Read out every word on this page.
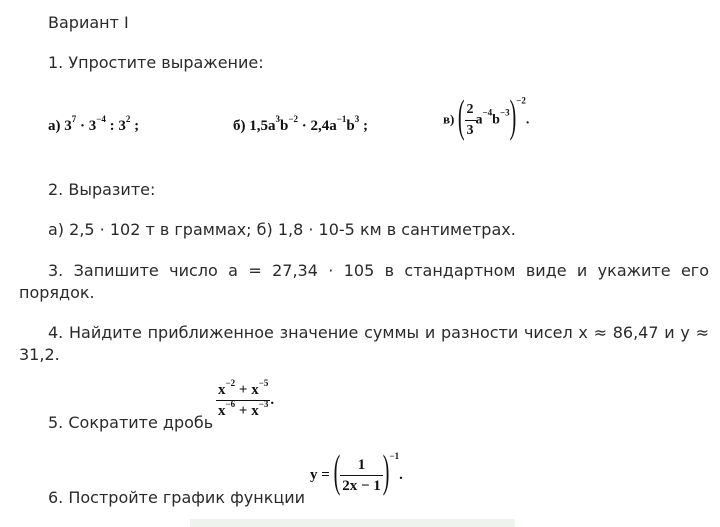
Вариант I
1. Упростите выражение:
а) $3^7 \cdot 3^{-4}$ : $3^2$ ;	б) $1,5a^3b^{-2} \cdot 2,4a^{-1}b^3$ ;	в) ( $\frac{2}{3} a^{-4}b^{-3})^{-2}$.
2. Выразите:
а) 2,5 · 102 т в граммах; б) 1,8 · 10-5 км в сантиметрах.
3. Запишите число a = 27,34 · 105 в стандартном виде и укажите его
порядок.
4. Найдите приближенное значение суммы и разности чисел x ≈ 86,47 и y ≈
31,2.
5. Сократите дробь
$\frac{x^{-2} + x^{-5}}{x^{-6} + x^{-3}}$ .
6. Постройте график функции
y = ( $\frac{1}{2x - 1} )^{-1}$.
